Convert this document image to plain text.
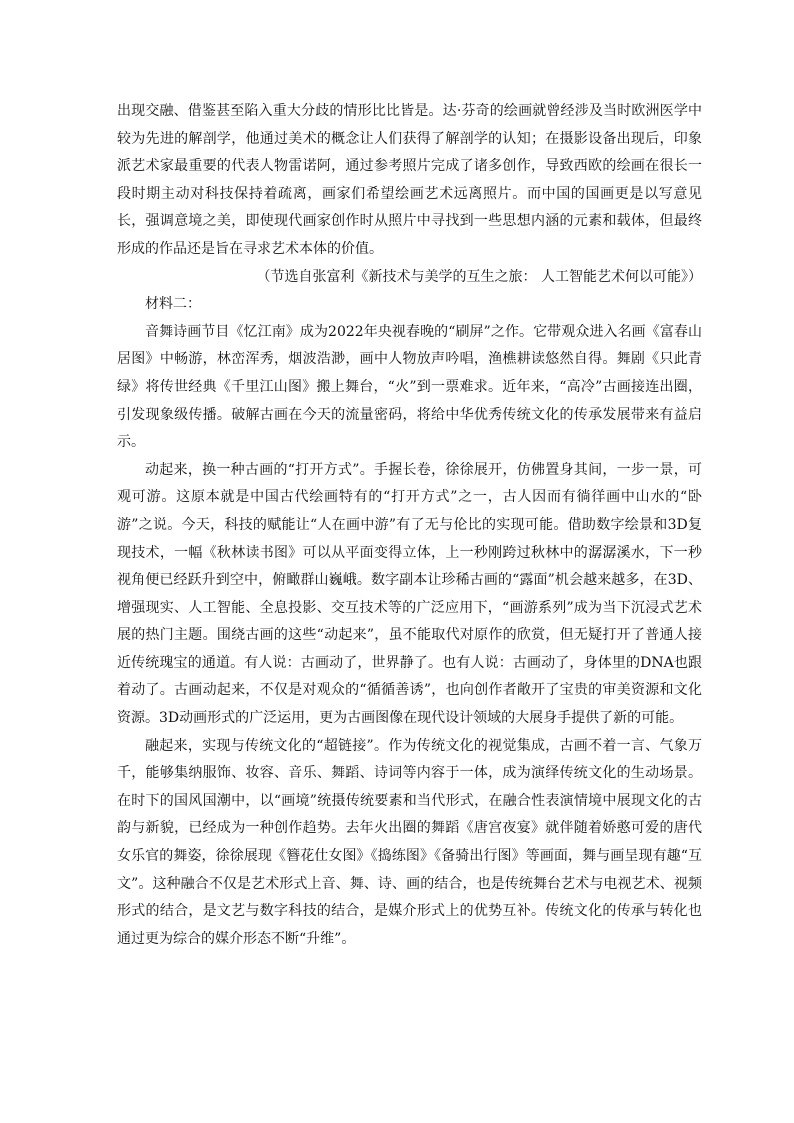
出现交融、借鉴甚至陷入重大分歧的情形比比皆是。达·芬奇的绘画就曾经涉及当时欧洲医学中较为先进的解剖学，他通过美术的概念让人们获得了解剖学的认知；在摄影设备出现后，印象派艺术家最重要的代表人物雷诺阿，通过参考照片完成了诸多创作，导致西欧的绘画在很长一段时期主动对科技保持着疏离，画家们希望绘画艺术远离照片。而中国的国画更是以写意见长，强调意境之美，即使现代画家创作时从照片中寻找到一些思想内涵的元素和载体，但最终形成的作品还是旨在寻求艺术本体的价值。

（节选自张富利《新技术与美学的互生之旅： 人工智能艺术何以可能》）

材料二：

音舞诗画节目《忆江南》成为2022年央视春晚的“刷屏”之作。它带观众进入名画《富春山居图》中畅游，林峦浑秀，烟波浩渺，画中人物放声吟唱，渔樵耕读悠然自得。舞剧《只此青绿》将传世经典《千里江山图》搬上舞台，“火”到一票难求。近年来，“高冷”古画接连出圈，引发现象级传播。破解古画在今天的流量密码，将给中华优秀传统文化的传承发展带来有益启示。

动起来，换一种古画的“打开方式”。手握长卷，徐徐展开，仿佛置身其间，一步一景，可观可游。这原本就是中国古代绘画特有的“打开方式”之一，古人因而有徜徉画中山水的“卧游”之说。今天，科技的赋能让“人在画中游”有了无与伦比的实现可能。借助数字绘景和3D复现技术，一幅《秋林读书图》可以从平面变得立体，上一秒刚跨过秋林中的潺潺溪水，下一秒视角便已经跃升到空中，俯瞰群山巍峨。数字副本让珍稀古画的“露面”机会越来越多，在3D、增强现实、人工智能、全息投影、交互技术等的广泛应用下，“画游系列”成为当下沉浸式艺术展的热门主题。围绕古画的这些“动起来”，虽不能取代对原作的欣赏，但无疑打开了普通人接近传统瑰宝的通道。有人说：古画动了，世界静了。也有人说：古画动了，身体里的DNA也跟着动了。古画动起来，不仅是对观众的“循循善诱”，也向创作者敞开了宝贵的审美资源和文化资源。3D动画形式的广泛运用，更为古画图像在现代设计领域的大展身手提供了新的可能。

融起来，实现与传统文化的“超链接”。作为传统文化的视觉集成，古画不着一言、气象万千，能够集纳服饰、妆容、音乐、舞蹈、诗词等内容于一体，成为演绎传统文化的生动场景。在时下的国风国潮中，以“画境”统摄传统要素和当代形式，在融合性表演情境中展现文化的古韵与新貌，已经成为一种创作趋势。去年火出圈的舞蹈《唐宫夜宴》就伴随着娇憨可爱的唐代女乐官的舞姿，徐徐展现《簪花仕女图》《捣练图》《备骑出行图》等画面，舞与画呈现有趣“互文”。这种融合不仅是艺术形式上音、舞、诗、画的结合，也是传统舞台艺术与电视艺术、视频形式的结合，是文艺与数字科技的结合，是媒介形式上的优势互补。传统文化的传承与转化也通过更为综合的媒介形态不断“升维”。
